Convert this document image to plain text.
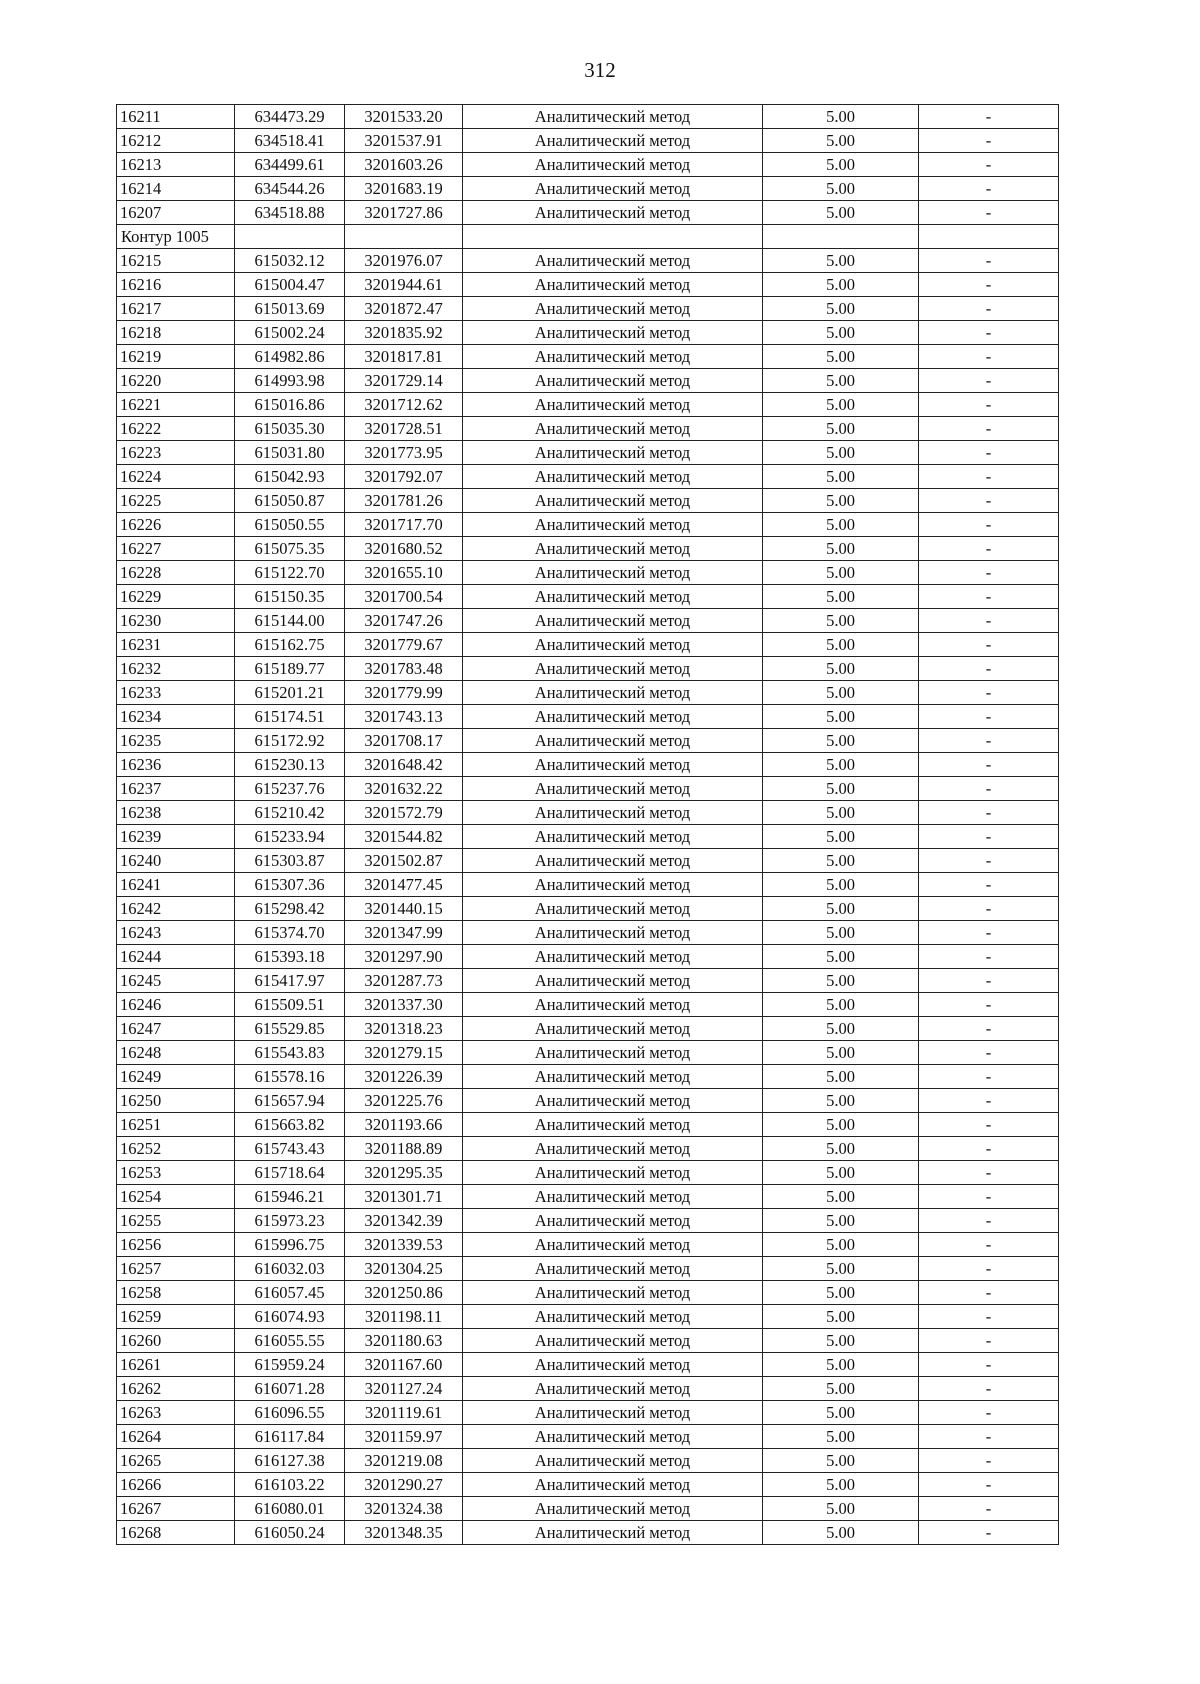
312
16211	634473.29	3201533.20	Аналитический метод	5.00	-
16212	634518.41	3201537.91	Аналитический метод	5.00	-
16213	634499.61	3201603.26	Аналитический метод	5.00	-
16214	634544.26	3201683.19	Аналитический метод	5.00	-
16207	634518.88	3201727.86	Аналитический метод	5.00	-
Контур 1005					
16215	615032.12	3201976.07	Аналитический метод	5.00	-
16216	615004.47	3201944.61	Аналитический метод	5.00	-
16217	615013.69	3201872.47	Аналитический метод	5.00	-
16218	615002.24	3201835.92	Аналитический метод	5.00	-
16219	614982.86	3201817.81	Аналитический метод	5.00	-
16220	614993.98	3201729.14	Аналитический метод	5.00	-
16221	615016.86	3201712.62	Аналитический метод	5.00	-
16222	615035.30	3201728.51	Аналитический метод	5.00	-
16223	615031.80	3201773.95	Аналитический метод	5.00	-
16224	615042.93	3201792.07	Аналитический метод	5.00	-
16225	615050.87	3201781.26	Аналитический метод	5.00	-
16226	615050.55	3201717.70	Аналитический метод	5.00	-
16227	615075.35	3201680.52	Аналитический метод	5.00	-
16228	615122.70	3201655.10	Аналитический метод	5.00	-
16229	615150.35	3201700.54	Аналитический метод	5.00	-
16230	615144.00	3201747.26	Аналитический метод	5.00	-
16231	615162.75	3201779.67	Аналитический метод	5.00	-
16232	615189.77	3201783.48	Аналитический метод	5.00	-
16233	615201.21	3201779.99	Аналитический метод	5.00	-
16234	615174.51	3201743.13	Аналитический метод	5.00	-
16235	615172.92	3201708.17	Аналитический метод	5.00	-
16236	615230.13	3201648.42	Аналитический метод	5.00	-
16237	615237.76	3201632.22	Аналитический метод	5.00	-
16238	615210.42	3201572.79	Аналитический метод	5.00	-
16239	615233.94	3201544.82	Аналитический метод	5.00	-
16240	615303.87	3201502.87	Аналитический метод	5.00	-
16241	615307.36	3201477.45	Аналитический метод	5.00	-
16242	615298.42	3201440.15	Аналитический метод	5.00	-
16243	615374.70	3201347.99	Аналитический метод	5.00	-
16244	615393.18	3201297.90	Аналитический метод	5.00	-
16245	615417.97	3201287.73	Аналитический метод	5.00	-
16246	615509.51	3201337.30	Аналитический метод	5.00	-
16247	615529.85	3201318.23	Аналитический метод	5.00	-
16248	615543.83	3201279.15	Аналитический метод	5.00	-
16249	615578.16	3201226.39	Аналитический метод	5.00	-
16250	615657.94	3201225.76	Аналитический метод	5.00	-
16251	615663.82	3201193.66	Аналитический метод	5.00	-
16252	615743.43	3201188.89	Аналитический метод	5.00	-
16253	615718.64	3201295.35	Аналитический метод	5.00	-
16254	615946.21	3201301.71	Аналитический метод	5.00	-
16255	615973.23	3201342.39	Аналитический метод	5.00	-
16256	615996.75	3201339.53	Аналитический метод	5.00	-
16257	616032.03	3201304.25	Аналитический метод	5.00	-
16258	616057.45	3201250.86	Аналитический метод	5.00	-
16259	616074.93	3201198.11	Аналитический метод	5.00	-
16260	616055.55	3201180.63	Аналитический метод	5.00	-
16261	615959.24	3201167.60	Аналитический метод	5.00	-
16262	616071.28	3201127.24	Аналитический метод	5.00	-
16263	616096.55	3201119.61	Аналитический метод	5.00	-
16264	616117.84	3201159.97	Аналитический метод	5.00	-
16265	616127.38	3201219.08	Аналитический метод	5.00	-
16266	616103.22	3201290.27	Аналитический метод	5.00	-
16267	616080.01	3201324.38	Аналитический метод	5.00	-
16268	616050.24	3201348.35	Аналитический метод	5.00	-
